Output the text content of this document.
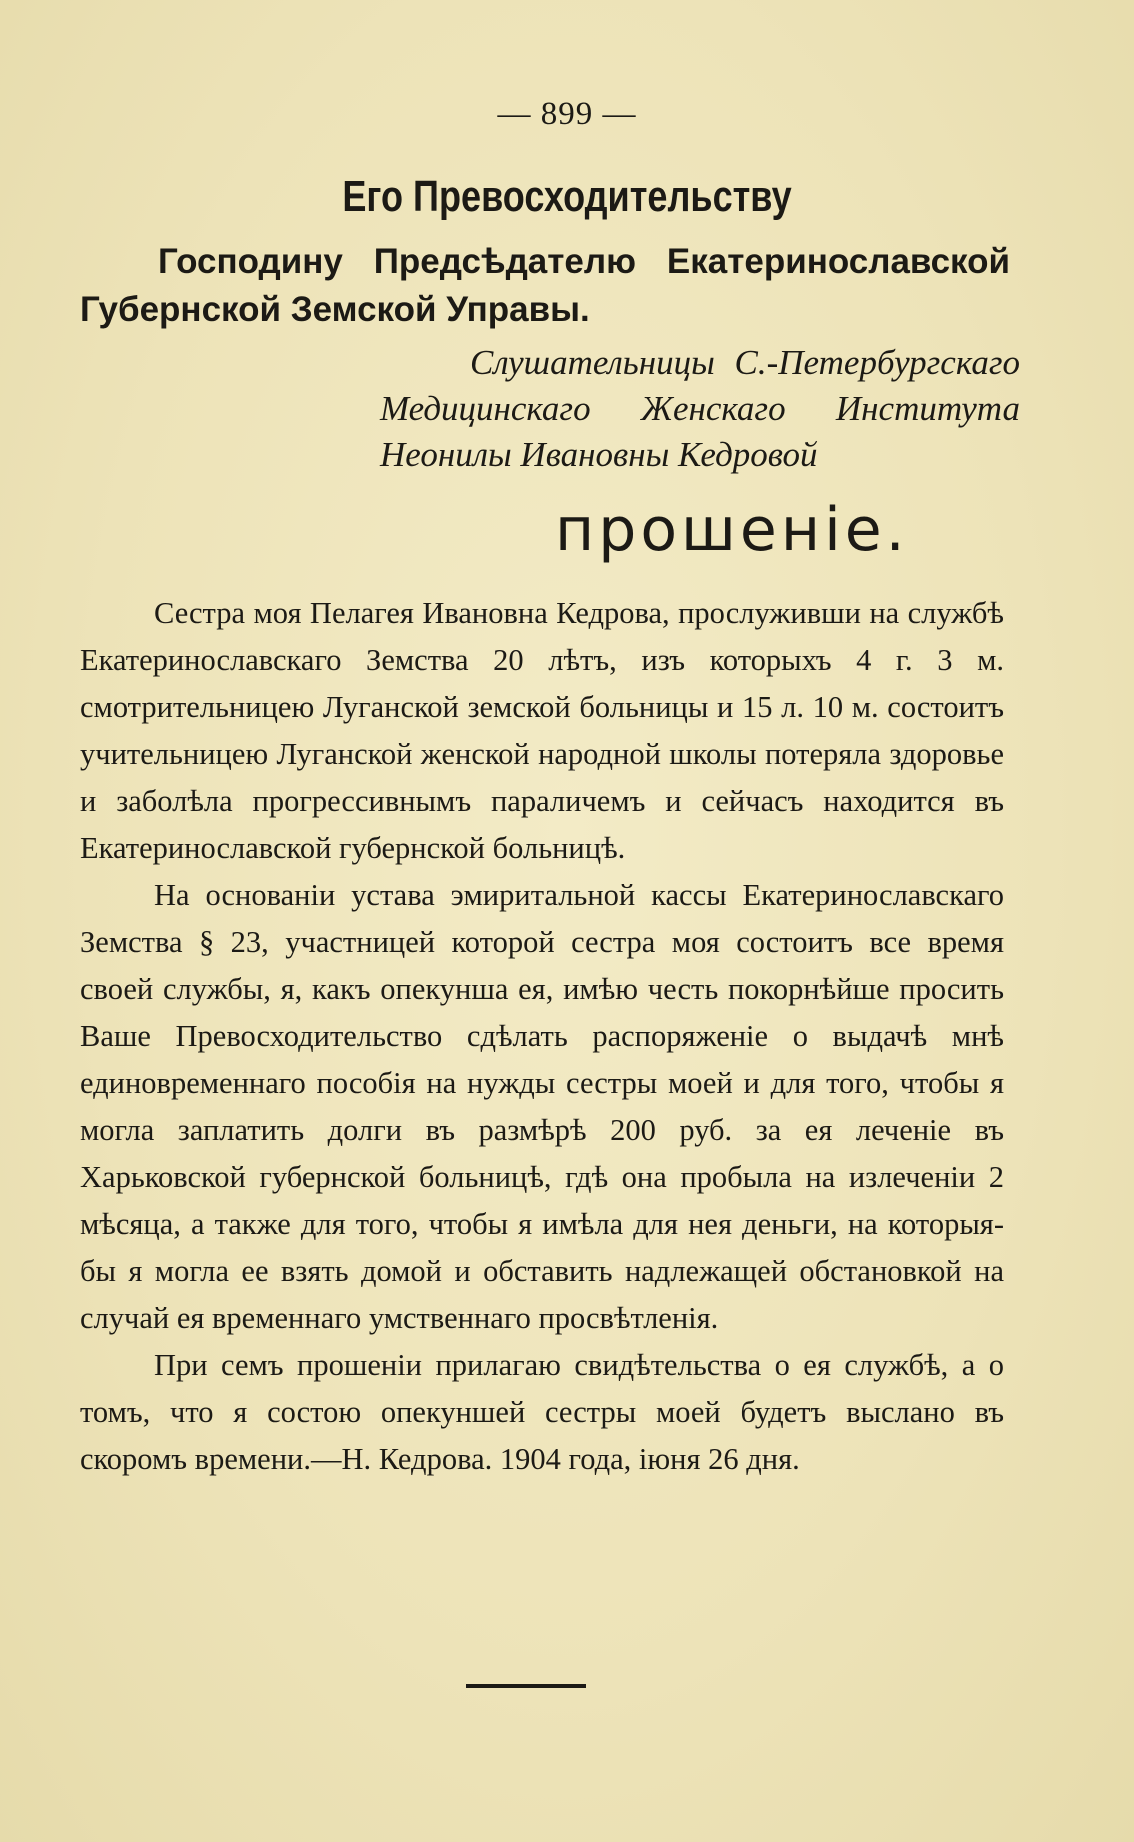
— 899 —
Его Превосходительству
Господину Предсѣдателю Екатеринославской Губернской Земской Управы.
Слушательницы С.-Петербургскаго Медицинскаго Женскаго Института Неонилы Ивановны Кедровой
прошеніе.

Сестра моя Пелагея Ивановна Кедрова, прослуживши на службѣ Екатеринославскаго Земства 20 лѣтъ, изъ которыхъ 4 г. 3 м. смотрительницею Луганской земской больницы и 15 л. 10 м. состоитъ учительницею Луганской женской народной школы потеряла здоровье и заболѣла прогрессивнымъ параличемъ и сейчасъ находится въ Екатеринославской губернской больницѣ.

На основаніи устава эмиритальной кассы Екатеринославскаго Земства § 23, участницей которой сестра моя состоитъ все время своей службы, я, какъ опекунша ея, имѣю честь покорнѣйше просить Ваше Превосходительство сдѣлать распоряженіе о выдачѣ мнѣ единовременнаго пособія на нужды сестры моей и для того, чтобы я могла заплатить долги въ размѣрѣ 200 руб. за ея леченіе въ Харьковской губернской больницѣ, гдѣ она пробыла на излеченіи 2 мѣсяца, а также для того, чтобы я имѣла для нея деньги, на которыя-бы я могла ее взять домой и обставить надлежащей обстановкой на случай ея временнаго умственнаго просвѣтленія.

При семъ прошеніи прилагаю свидѣтельства о ея службѣ, а о томъ, что я состою опекуншей сестры моей будетъ выслано въ скоромъ времени.—Н. Кедрова. 1904 года, іюня 26 дня.
